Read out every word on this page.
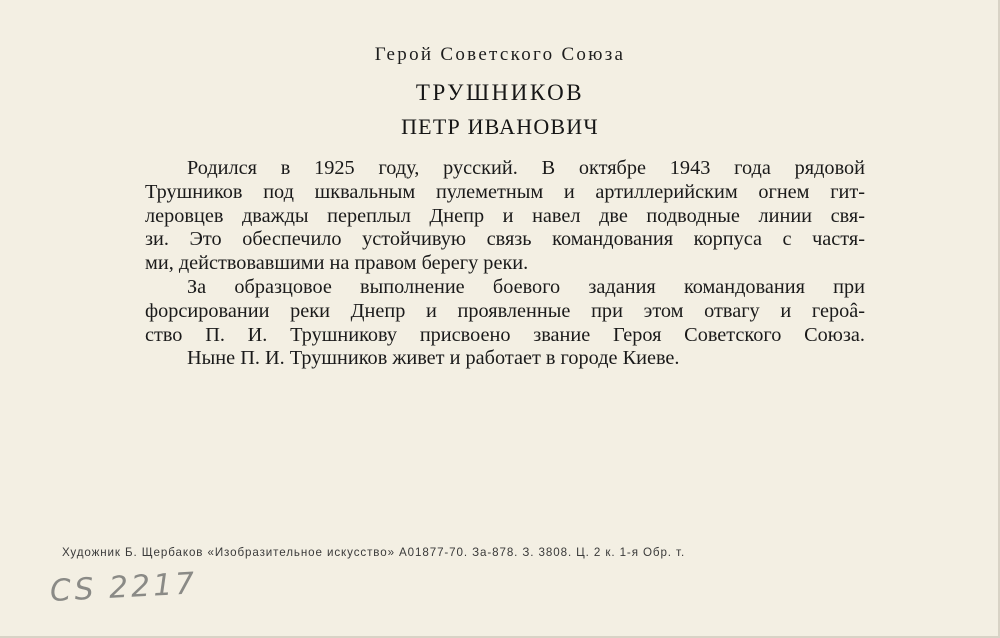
Герой Советского Союза
ТРУШНИКОВ
ПЕТР ИВАНОВИЧ
Родился в 1925 году, русский. В октябре 1943 года рядовой
Трушников под шквальным пулеметным и артиллерийским огнем гит-
леровцев дважды переплыл Днепр и навел две подводные линии свя-
зи. Это обеспечило устойчивую связь командования корпуса с частя-
ми, действовавшими на правом берегу реки.
За образцовое выполнение боевого задания командования при
форсировании реки Днепр и проявленные при этом отвагу и героâ-
ство П. И. Трушникову присвоено звание Героя Советского Союза.
Ныне П. И. Трушников живет и работает в городе Киеве.
Художник Б. Щербаков «Изобразительное искусство» А01877-70. За-878. З. 3808. Ц. 2 к. 1-я Обр. т.
CS 2217
